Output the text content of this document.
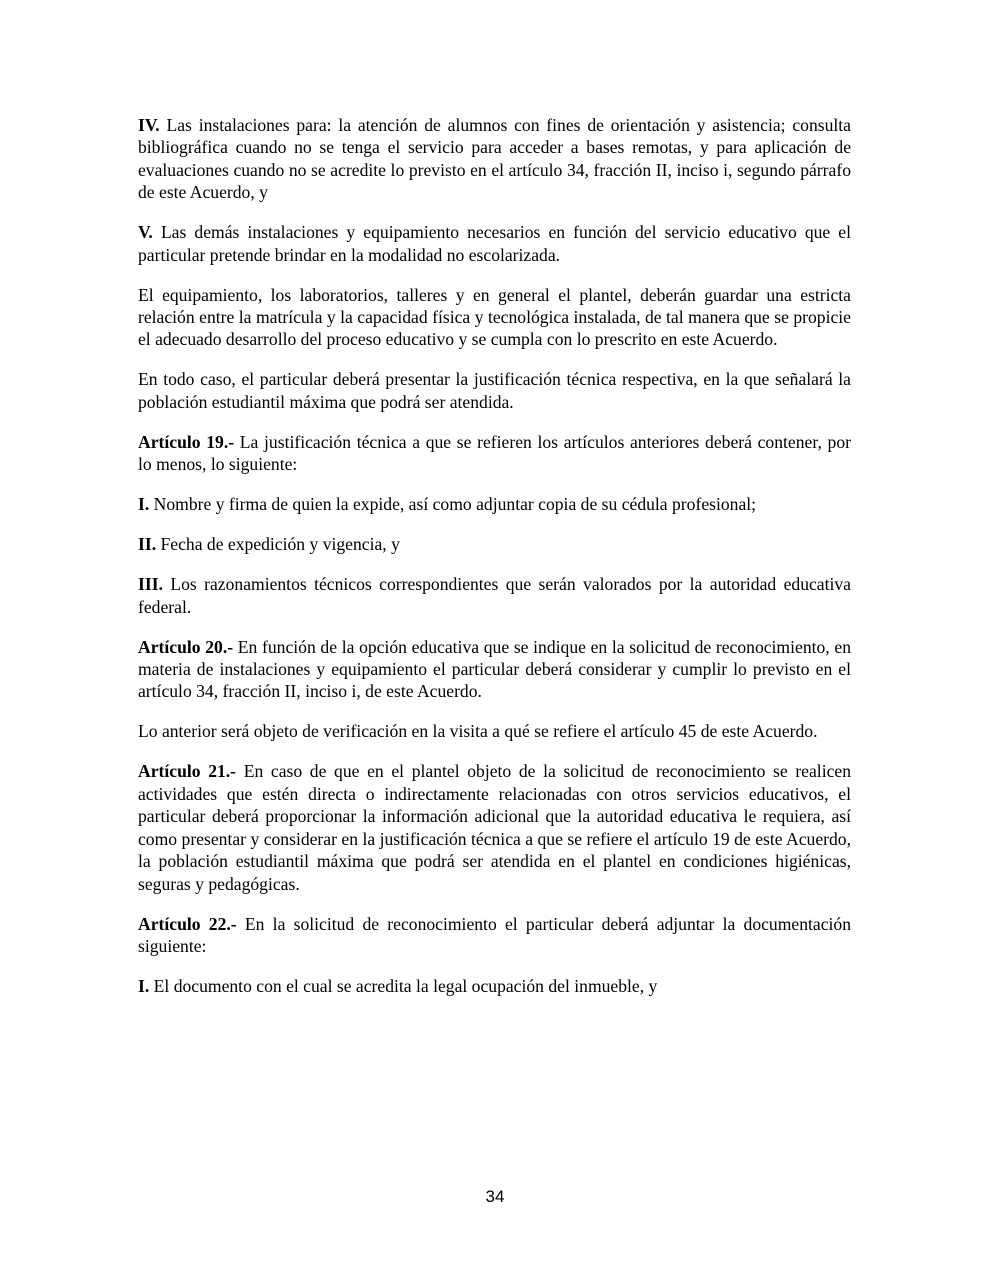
IV. Las instalaciones para: la atención de alumnos con fines de orientación y asistencia; consulta bibliográfica cuando no se tenga el servicio para acceder a bases remotas, y para aplicación de evaluaciones cuando no se acredite lo previsto en el artículo 34, fracción II, inciso i, segundo párrafo de este Acuerdo, y

V. Las demás instalaciones y equipamiento necesarios en función del servicio educativo que el particular pretende brindar en la modalidad no escolarizada.

El equipamiento, los laboratorios, talleres y en general el plantel, deberán guardar una estricta relación entre la matrícula y la capacidad física y tecnológica instalada, de tal manera que se propicie el adecuado desarrollo del proceso educativo y se cumpla con lo prescrito en este Acuerdo.

En todo caso, el particular deberá presentar la justificación técnica respectiva, en la que señalará la población estudiantil máxima que podrá ser atendida.

Artículo 19.- La justificación técnica a que se refieren los artículos anteriores deberá contener, por lo menos, lo siguiente:

I. Nombre y firma de quien la expide, así como adjuntar copia de su cédula profesional;

II. Fecha de expedición y vigencia, y

III. Los razonamientos técnicos correspondientes que serán valorados por la autoridad educativa federal.

Artículo 20.- En función de la opción educativa que se indique en la solicitud de reconocimiento, en materia de instalaciones y equipamiento el particular deberá considerar y cumplir lo previsto en el artículo 34, fracción II, inciso i, de este Acuerdo.

Lo anterior será objeto de verificación en la visita a qué se refiere el artículo 45 de este Acuerdo.

Artículo 21.- En caso de que en el plantel objeto de la solicitud de reconocimiento se realicen actividades que estén directa o indirectamente relacionadas con otros servicios educativos, el particular deberá proporcionar la información adicional que la autoridad educativa le requiera, así como presentar y considerar en la justificación técnica a que se refiere el artículo 19 de este Acuerdo, la población estudiantil máxima que podrá ser atendida en el plantel en condiciones higiénicas, seguras y pedagógicas.

Artículo 22.- En la solicitud de reconocimiento el particular deberá adjuntar la documentación siguiente:

I. El documento con el cual se acredita la legal ocupación del inmueble, y

34
